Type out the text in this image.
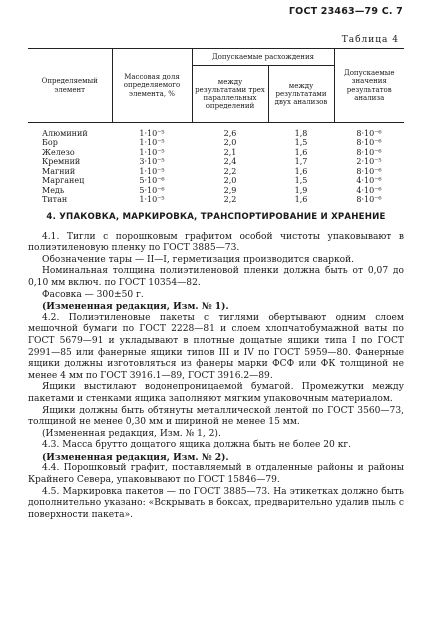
ГОСТ 23463—79 С. 7
Таблица 4
Определяемый элемент	Массовая доля определяемого элемента, %	Допускаемые расхождения		Допускаемые значения результатов анализа
		между результатами трех параллельных определений	между результатами двух анализов	

Алюминий	1·10⁻⁵	2,6	1,8	8·10⁻⁶
Бор	1·10⁻⁵	2,0	1,5	8·10⁻⁶
Железо	1·10⁻⁵	2,1	1,6	8·10⁻⁶
Кремний	3·10⁻⁵	2,4	1,7	2·10⁻⁵
Магний	1·10⁻⁵	2,2	1,6	8·10⁻⁶
Марганец	5·10⁻⁶	2,0	1,5	4·10⁻⁶
Медь	5·10⁻⁶	2,9	1,9	4·10⁻⁶
Титан	1·10⁻⁵	2,2	1,6	8·10⁻⁶
4. УПАКОВКА, МАРКИРОВКА, ТРАНСПОРТИРОВАНИЕ И ХРАНЕНИЕ

4.1. Тигли с порошковым графитом особой чистоты упаковывают в полиэтиленовую пленку по ГОСТ 3885—73.

Обозначение тары — II—I, герметизация производится сваркой.

Номинальная толщина полиэтиленовой пленки должна быть от 0,07 до 0,10 мм включ. по ГОСТ 10354—82.

Фасовка — 300±50 г.

(Измененная редакция, Изм. № 1).

4.2. Полиэтиленовые пакеты с тиглями обертывают одним слоем мешочной бумаги по ГОСТ 2228—81 и слоем хлопчатобумажной ваты по ГОСТ 5679—91 и укладывают в плотные дощатые ящики типа I по ГОСТ 2991—85 или фанерные ящики типов III и IV по ГОСТ 5959—80. Фанерные ящики должны изготовляться из фанеры марки ФСФ или ФК толщиной не менее 4 мм по ГОСТ 3916.1—89, ГОСТ 3916.2—89.

Ящики выстилают водонепроницаемой бумагой. Промежутки между пакетами и стенками ящика заполняют мягким упаковочным материалом.

Ящики должны быть обтянуты металлической лентой по ГОСТ 3560—73, толщиной не менее 0,30 мм и шириной не менее 15 мм.

(Измененная редакция, Изм. № 1, 2).

4.3. Масса брутто дощатого ящика должна быть не более 20 кг.

(Измененная редакция, Изм. № 2).

4.4. Порошковый графит, поставляемый в отдаленные районы и районы Крайнего Севера, упаковывают по ГОСТ 15846—79.

4.5. Маркировка пакетов — по ГОСТ 3885—73. На этикетках должно быть дополнительно указано: «Вскрывать в боксах, предварительно удалив пыль с поверхности пакета».
